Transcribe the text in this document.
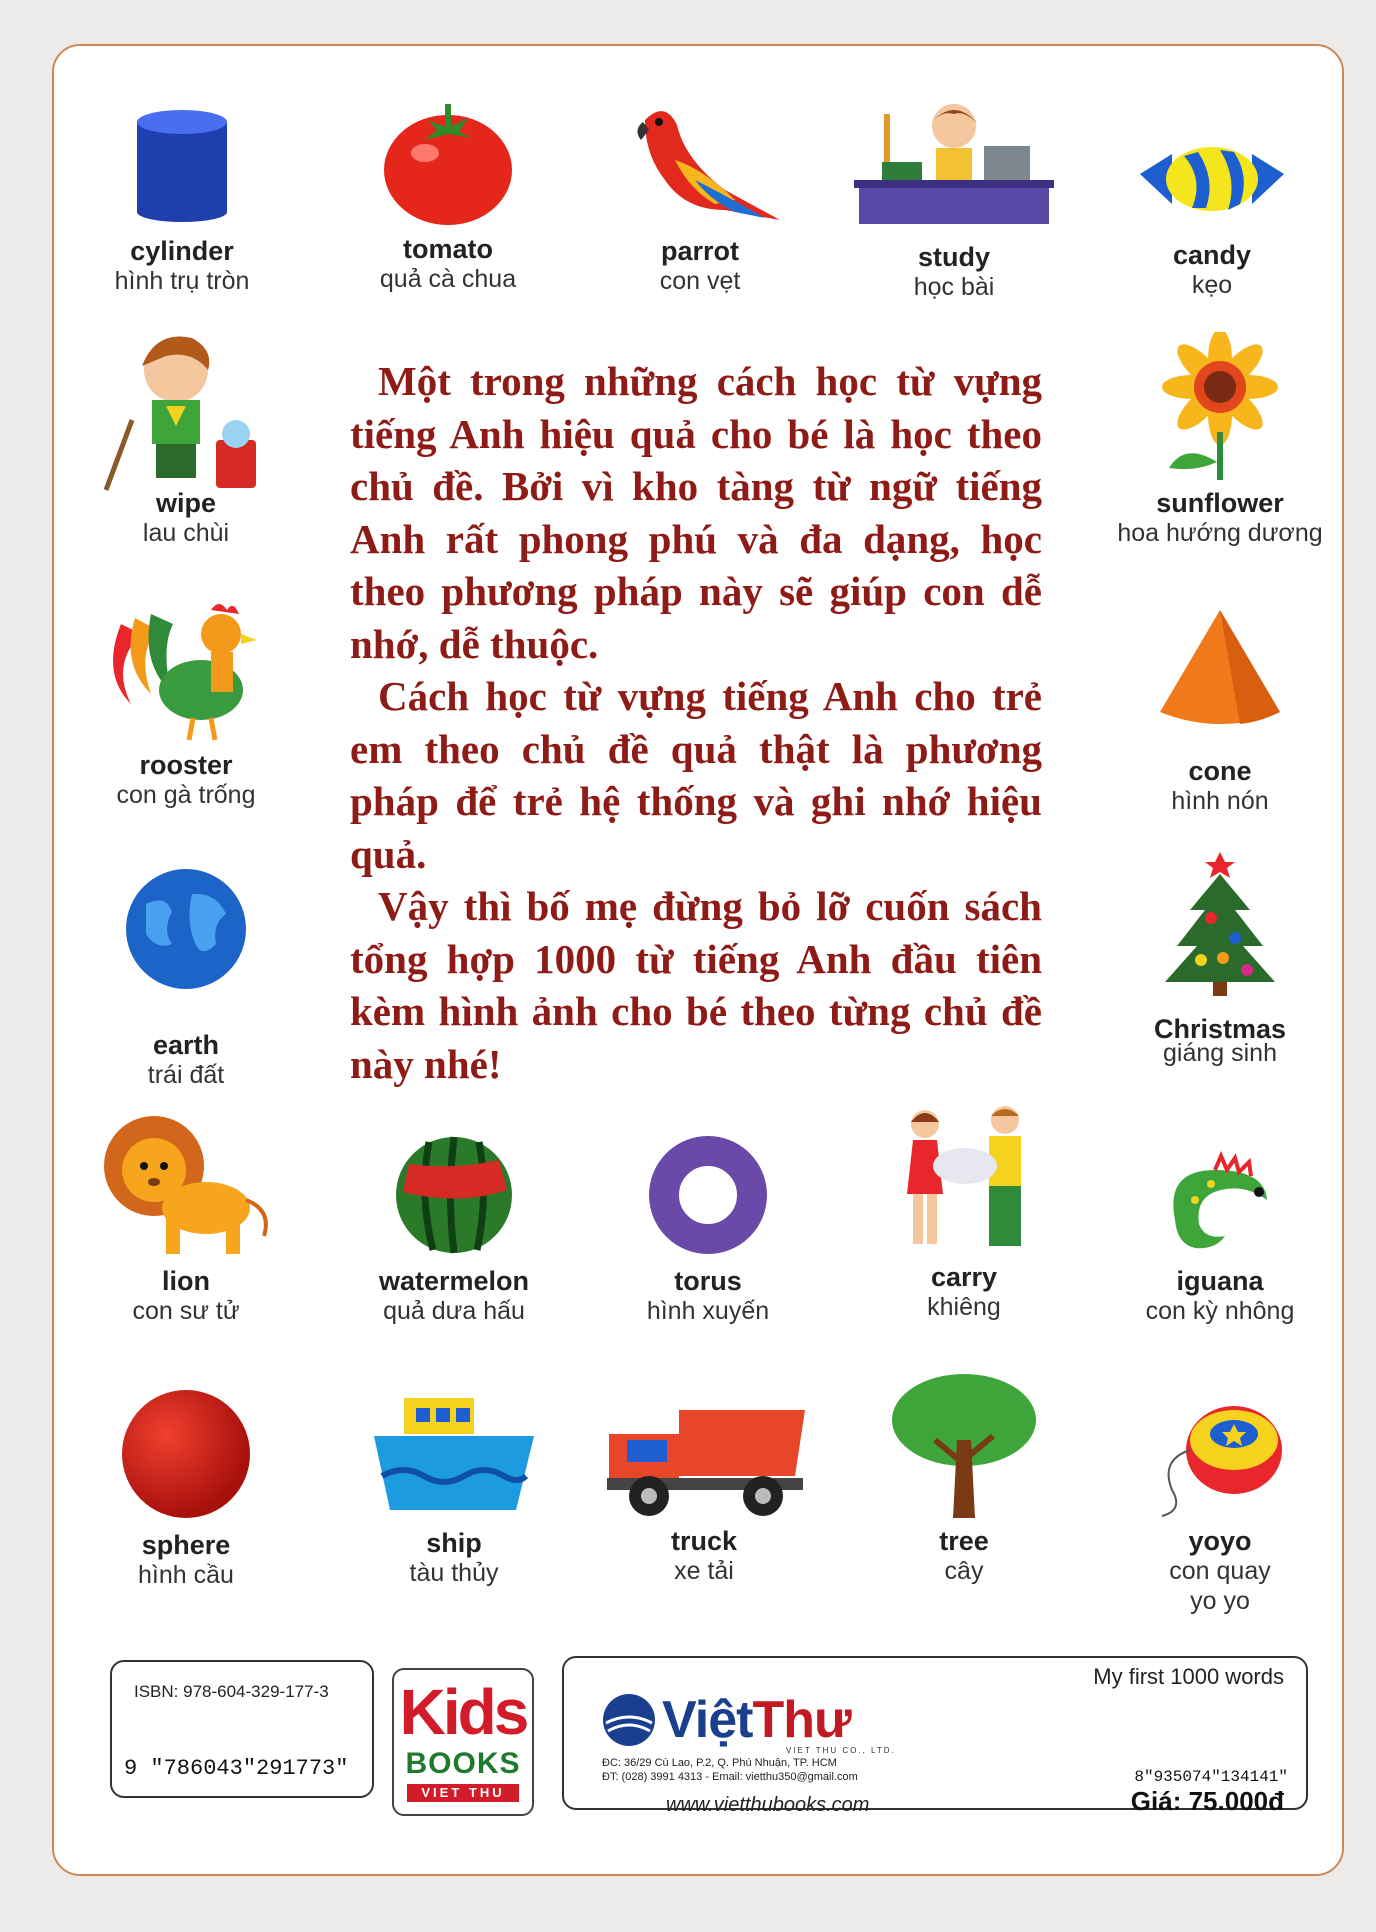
cylinder
hình trụ tròn
tomato
quả cà chua
parrot
con vẹt
study
học bài
candy
kẹo
wipe
lau chùi
rooster
con gà trống
earth
trái đất
sunflower
hoa hướng dương
cone
hình nón
Christmas
giáng sinh

Một trong những cách học từ vựng tiếng Anh hiệu quả cho bé là học theo chủ đề. Bởi vì kho tàng từ ngữ tiếng Anh rất phong phú và đa dạng, học theo phương pháp này sẽ giúp con dễ nhớ, dễ thuộc.

Cách học từ vựng tiếng Anh cho trẻ em theo chủ đề quả thật là phương pháp để trẻ hệ thống và ghi nhớ hiệu quả.

Vậy thì bố mẹ đừng bỏ lỡ cuốn sách tổng hợp 1000 từ tiếng Anh đầu tiên kèm hình ảnh cho bé theo từng chủ đề này nhé!

lion
con sư tử
watermelon
quả dưa hấu
torus
hình xuyến
carry
khiêng
iguana
con kỳ nhông
sphere
hình cầu
ship
tàu thủy
truck
xe tải
tree
cây
yoyo
con quay
yo yo
ISBN: 978-604-329-177-3
9 "786043"291773"
Kids
BOOKS
VIET THU
My first 1000 words
ViệtThư
VIET THU CO., LTD.
ĐC: 36/29 Cù Lao, P.2, Q. Phú Nhuận, TP. HCM
ĐT: (028) 3991 4313 - Email: vietthu350@gmail.com
www.vietthubooks.com
8"935074"134141"
Giá: 75.000đ
